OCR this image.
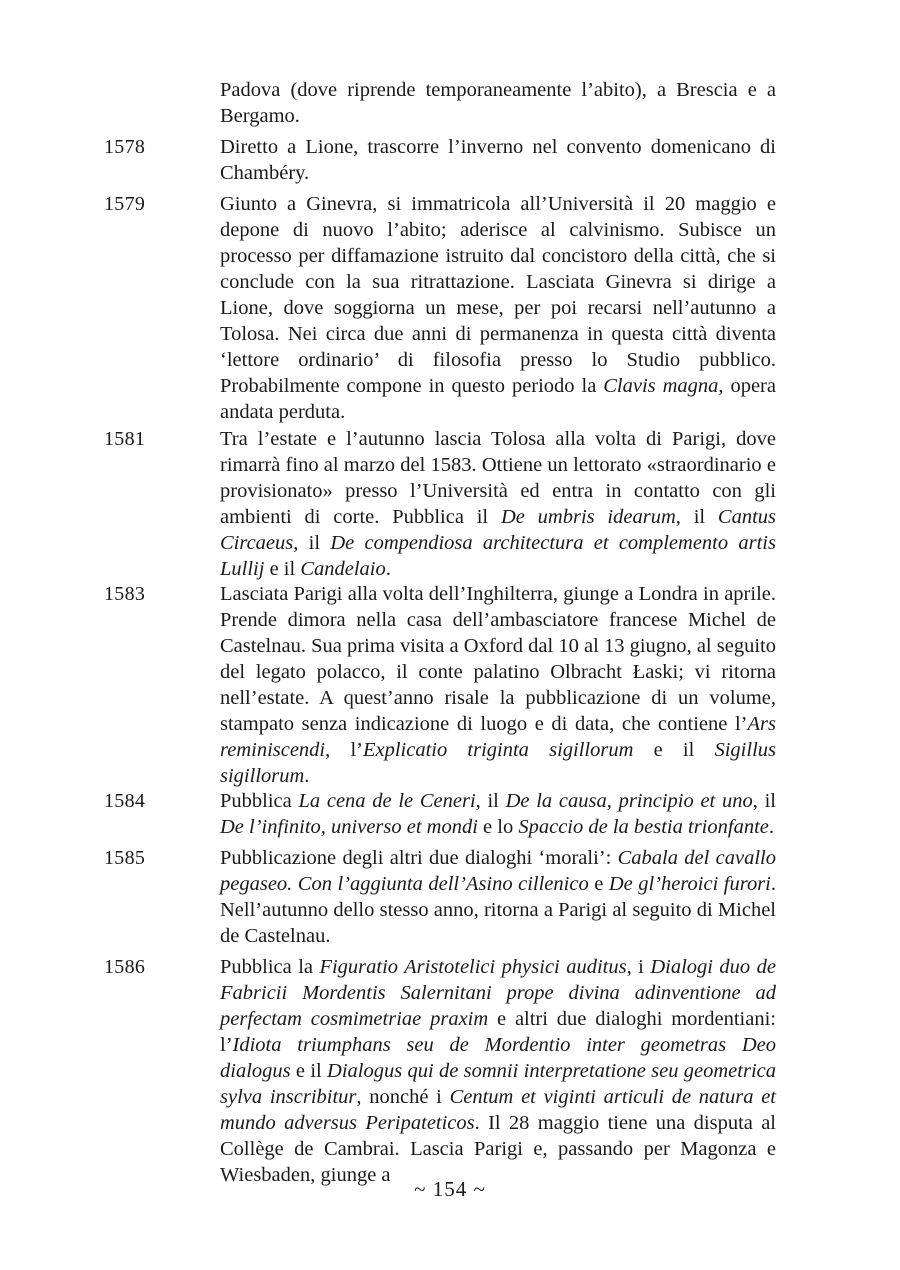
Padova (dove riprende temporaneamente l’abito), a Brescia e a Bergamo.
1578	Diretto a Lione, trascorre l’inverno nel convento domenicano di Chambéry.
1579	Giunto a Ginevra, si immatricola all’Università il 20 maggio e depone di nuovo l’abito; aderisce al calvinismo. Subisce un processo per diffamazione istruito dal concistoro della città, che si conclude con la sua ritrattazione. Lasciata Ginevra si dirige a Lione, dove soggiorna un mese, per poi recarsi nell’autunno a Tolosa. Nei circa due anni di permanenza in questa città diventa ‘lettore ordinario’ di filosofia presso lo Studio pubblico. Probabilmente compone in questo periodo la Clavis magna, opera andata perduta.
1581	Tra l’estate e l’autunno lascia Tolosa alla volta di Parigi, dove rimarrà fino al marzo del 1583. Ottiene un lettorato «straordinario e provisionato» presso l’Università ed entra in contatto con gli ambienti di corte. Pubblica il De umbris idearum, il Cantus Circaeus, il De compendiosa architectura et complemento artis Lullij e il Candelaio.
1583	Lasciata Parigi alla volta dell’Inghilterra, giunge a Londra in aprile. Prende dimora nella casa dell’ambasciatore francese Michel de Castelnau. Sua prima visita a Oxford dal 10 al 13 giugno, al seguito del legato polacco, il conte palatino Olbracht Łaski; vi ritorna nell’estate. A quest’anno risale la pubblicazione di un volume, stampato senza indicazione di luogo e di data, che contiene l’Ars reminiscendi, l’Explicatio triginta sigillorum e il Sigillus sigillorum.
1584	Pubblica La cena de le Ceneri, il De la causa, principio et uno, il De l’infinito, universo et mondi e lo Spaccio de la bestia trionfante.
1585	Pubblicazione degli altri due dialoghi ‘morali’: Cabala del cavallo pegaseo. Con l’aggiunta dell’Asino cillenico e De gl’heroici furori. Nell’autunno dello stesso anno, ritorna a Parigi al seguito di Michel de Castelnau.
1586	Pubblica la Figuratio Aristotelici physici auditus, i Dialogi duo de Fabricii Mordentis Salernitani prope divina adinventione ad perfectam cosmimetriae praxim e altri due dialoghi mordentiani: l’Idiota triumphans seu de Mordentio inter geometras Deo dialogus e il Dialogus qui de somnii interpretatione seu geometrica sylva inscribitur, nonché i Centum et viginti articuli de natura et mundo adversus Peripateticos. Il 28 maggio tiene una disputa al Collège de Cambrai. Lascia Parigi e, passando per Magonza e Wiesbaden, giunge a
~ 154 ~
